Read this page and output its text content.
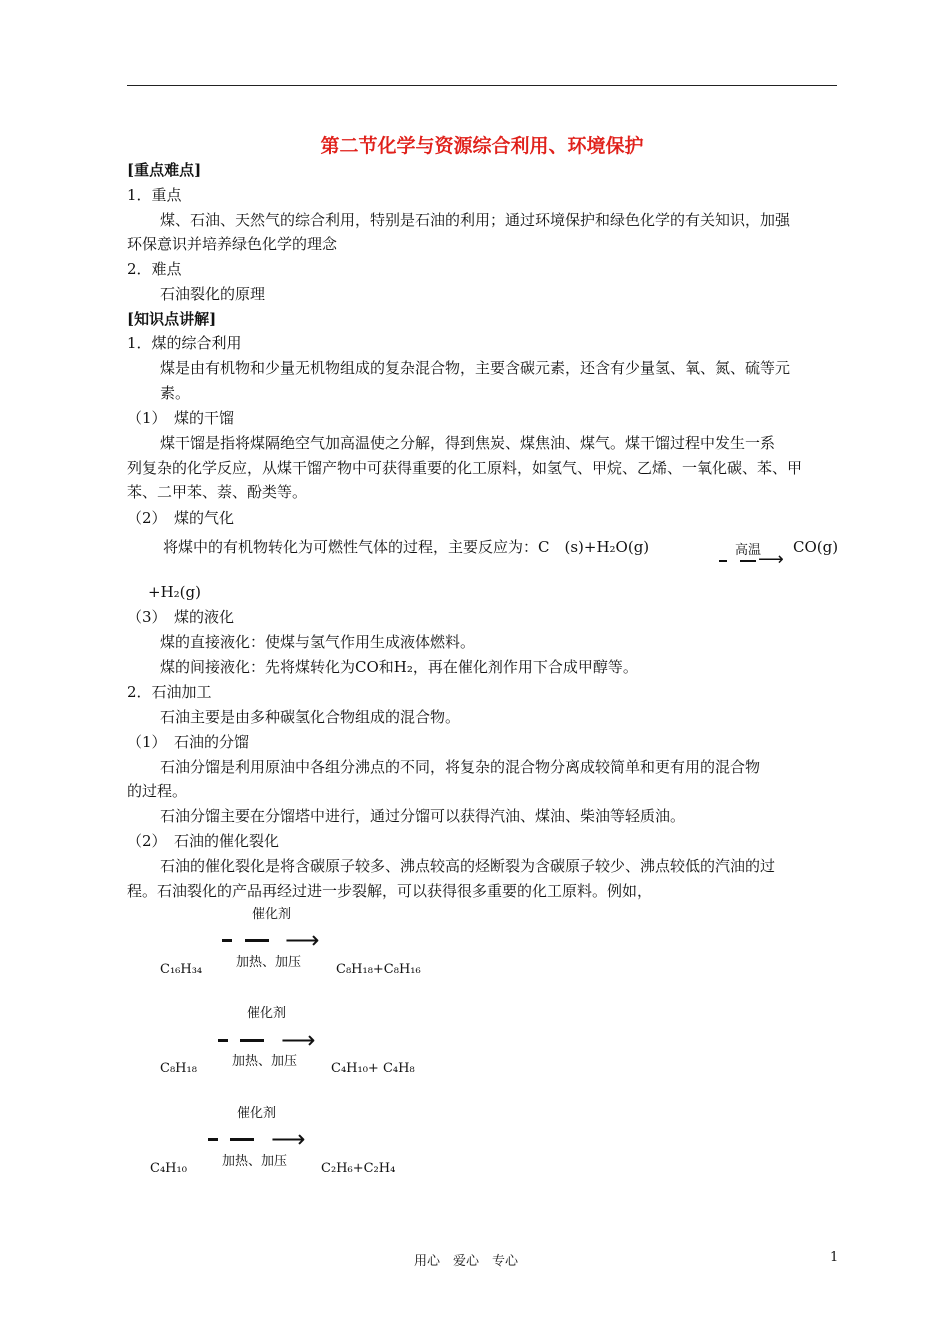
第二节化学与资源综合利用、环境保护
[重点难点]
1．重点
煤、石油、天然气的综合利用，特别是石油的利用；通过环境保护和绿色化学的有关知识，加强
环保意识并培养绿色化学的理念
2．难点
石油裂化的原理
[知识点讲解]
1．煤的综合利用
煤是由有机物和少量无机物组成的复杂混合物，主要含碳元素，还含有少量氢、氧、氮、硫等元
素。
（1）　煤的干馏
煤干馏是指将煤隔绝空气加高温使之分解，得到焦炭、煤焦油、煤气。煤干馏过程中发生一系
列复杂的化学反应，从煤干馏产物中可获得重要的化工原料，如氢气、甲烷、乙烯、一氧化碳、苯、甲
苯、二甲苯、萘、酚类等。
（2）　煤的气化
将煤中的有机物转化为可燃性气体的过程，主要反应为：C　(s)+H₂O(g)	高温
⟶
CO(g)
+H₂(g)
（3）　煤的液化
煤的直接液化：使煤与氢气作用生成液体燃料。
煤的间接液化：先将煤转化为CO和H₂，再在催化剂作用下合成甲醇等。
2．石油加工
石油主要是由多种碳氢化合物组成的混合物。
（1）　石油的分馏
石油分馏是利用原油中各组分沸点的不同，将复杂的混合物分离成较简单和更有用的混合物
的过程。
石油分馏主要在分馏塔中进行，通过分馏可以获得汽油、煤油、柴油等轻质油。
（2）　石油的催化裂化
石油的催化裂化是将含碳原子较多、沸点较高的烃断裂为含碳原子较少、沸点较低的汽油的过
程。石油裂化的产品再经过进一步裂解，可以获得很多重要的化工原料。例如，
催化剂
⟶
加热、加压
C₁₆H₃₄	C₈H₁₈+C₈H₁₆
催化剂
⟶
加热、加压
C₈H₁₈	C₄H₁₀+ C₄H₈
催化剂
⟶
加热、加压
C₄H₁₀	C₂H₆+C₂H₄
用心　爱心　专心	1
